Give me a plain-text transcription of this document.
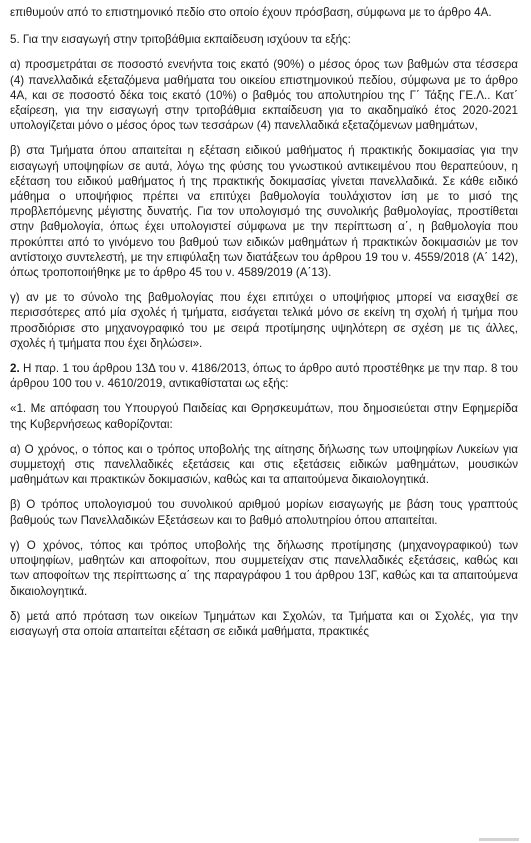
επιθυμούν από το επιστημονικό πεδίο στο οποίο έχουν πρόσβαση, σύμφωνα με το άρθρο 4Α.

5. Για την εισαγωγή στην τριτοβάθμια εκπαίδευση ισχύουν τα εξής:

α) προσμετράται σε ποσοστό ενενήντα τοις εκατό (90%) ο μέσος όρος των βαθμών στα τέσσερα (4) πανελλαδικά εξεταζόμενα μαθήματα του οικείου επιστημονικού πεδίου, σύμφωνα με το άρθρο 4Α, και σε ποσοστό δέκα τοις εκατό (10%) ο βαθμός του απολυτηρίου της Γ΄ Τάξης ΓΕ.Λ.. Κατ΄ εξαίρεση, για την εισαγωγή στην τριτοβάθμια εκπαίδευση για το ακαδημαϊκό έτος 2020-2021 υπολογίζεται μόνο ο μέσος όρος των τεσσάρων (4) πανελλαδικά εξεταζόμενων μαθημάτων,

β) στα Τμήματα όπου απαιτείται η εξέταση ειδικού μαθήματος ή πρακτικής δοκιμασίας για την εισαγωγή υποψηφίων σε αυτά, λόγω της φύσης του γνωστικού αντικειμένου που θεραπεύουν, η εξέταση του ειδικού μαθήματος ή της πρακτικής δοκιμασίας γίνεται πανελλαδικά. Σε κάθε ειδικό μάθημα ο υποψήφιος πρέπει να επιτύχει βαθμολογία τουλάχιστον ίση με το μισό της προβλεπόμενης μέγιστης δυνατής. Για τον υπολογισμό της συνολικής βαθμολογίας, προστίθεται στην βαθμολογία, όπως έχει υπολογιστεί σύμφωνα με την περίπτωση α΄, η βαθμολογία που προκύπτει από το γινόμενο του βαθμού των ειδικών μαθημάτων ή πρακτικών δοκιμασιών με τον αντίστοιχο συντελεστή, με την επιφύλαξη των διατάξεων του άρθρου 19 του ν. 4559/2018 (Α΄ 142), όπως τροποποιήθηκε με το άρθρο 45 του ν. 4589/2019 (Α΄13).

γ) αν με το σύνολο της βαθμολογίας που έχει επιτύχει ο υποψήφιος μπορεί να εισαχθεί σε περισσότερες από μία σχολές ή τμήματα, εισάγεται τελικά μόνο σε εκείνη τη σχολή ή τμήμα που προσδιόρισε στο μηχανογραφικό του με σειρά προτίμησης υψηλότερη σε σχέση με τις άλλες, σχολές ή τμήματα που έχει δηλώσει».

2. Η παρ. 1 του άρθρου 13Δ του ν. 4186/2013, όπως το άρθρο αυτό προστέθηκε με την παρ. 8 του άρθρου 100 του ν. 4610/2019, αντικαθίσταται ως εξής:

«1. Με απόφαση του Υπουργού Παιδείας και Θρησκευμάτων, που δημοσιεύεται στην Εφημερίδα της Κυβερνήσεως καθορίζονται:

α) Ο χρόνος, ο τόπος και ο τρόπος υποβολής της αίτησης δήλωσης των υποψηφίων Λυκείων για συμμετοχή στις πανελλαδικές εξετάσεις και στις εξετάσεις ειδικών μαθημάτων, μουσικών μαθημάτων και πρακτικών δοκιμασιών, καθώς και τα απαιτούμενα δικαιολογητικά.

β) Ο τρόπος υπολογισμού του συνολικού αριθμού μορίων εισαγωγής με βάση τους γραπτούς βαθμούς των Πανελλαδικών Εξετάσεων και το βαθμό απολυτηρίου όπου απαιτείται.

γ) Ο χρόνος, τόπος και τρόπος υποβολής της δήλωσης προτίμησης (μηχανογραφικού) των υποψηφίων, μαθητών και αποφοίτων, που συμμετείχαν στις πανελλαδικές εξετάσεις, καθώς και των αποφοίτων της περίπτωσης α΄ της παραγράφου 1 του άρθρου 13Γ, καθώς και τα απαιτούμενα δικαιολογητικά.

δ) μετά από πρόταση των οικείων Τμημάτων και Σχολών, τα Τμήματα και οι Σχολές, για την εισαγωγή στα οποία απαιτείται εξέταση σε ειδικά μαθήματα, πρακτικές
